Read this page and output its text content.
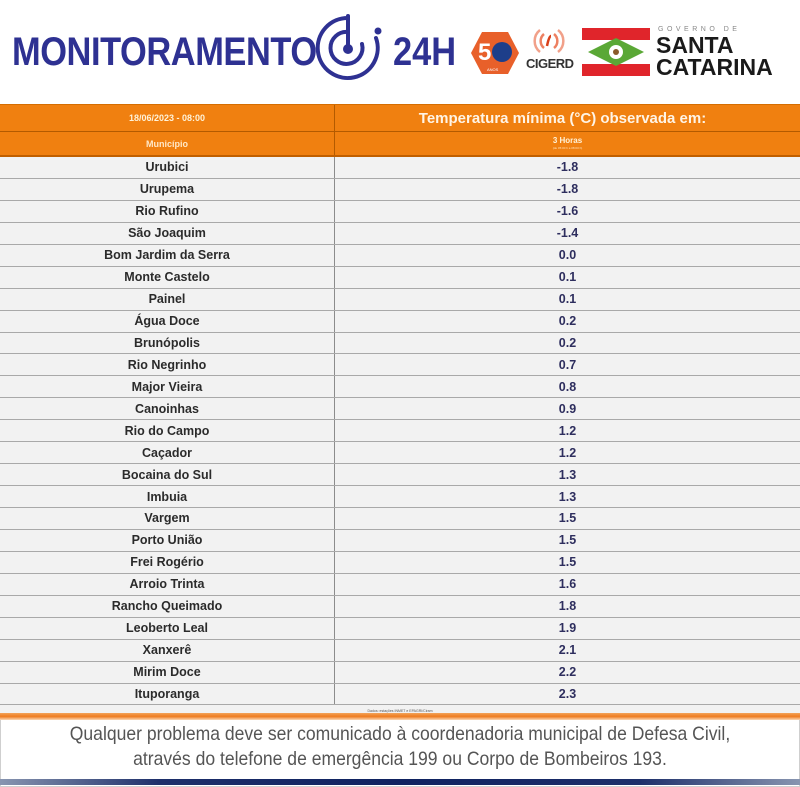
MONITORAMENTO 24H 5
ANOS CIGERD
GOVERNO DE
SANTA
CATARINA
18/06/2023 - 08:00	Temperatura mínima (°C) observada em:
Município	3 Horas
(de 05:00 h a 08:00 h)
Urubici	-1.8
Urupema	-1.8
Rio Rufino	-1.6
São Joaquim	-1.4
Bom Jardim da Serra	0.0
Monte Castelo	0.1
Painel	0.1
Água Doce	0.2
Brunópolis	0.2
Rio Negrinho	0.7
Major Vieira	0.8
Canoinhas	0.9
Rio do Campo	1.2
Caçador	1.2
Bocaina do Sul	1.3
Imbuia	1.3
Vargem	1.5
Porto União	1.5
Frei Rogério	1.5
Arroio Trinta	1.6
Rancho Queimado	1.8
Leoberto Leal	1.9
Xanxerê	2.1
Mirim Doce	2.2
Ituporanga	2.3
Dados: estações INMET e EPAGRI/Ciram
Qualquer problema deve ser comunicado à coordenadoria municipal de Defesa Civil,
através do telefone de emergência 199 ou Corpo de Bombeiros 193.
